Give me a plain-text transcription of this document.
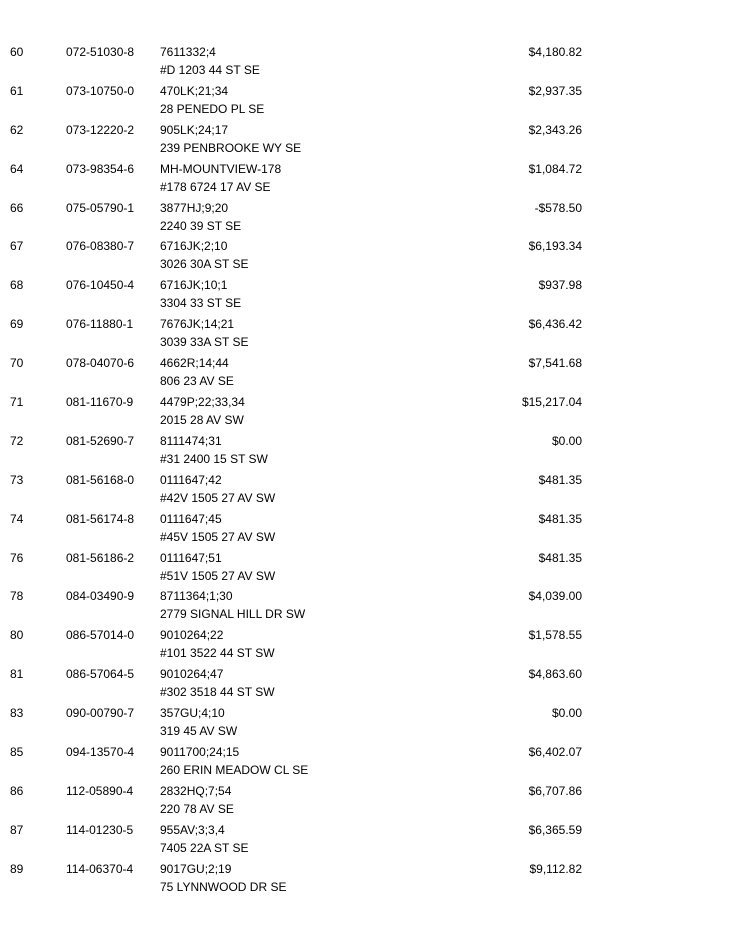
60	072-51030-8 7611332;4
#D 1203 44 ST SE
$4,180.82
61	073-10750-0 470LK;21;34
28 PENEDO PL SE
$2,937.35
62	073-12220-2 905LK;24;17
239 PENBROOKE WY SE
$2,343.26
64	073-98354-6 MH-MOUNTVIEW-178
#178 6724 17 AV SE
$1,084.72
66	075-05790-1 3877HJ;9;20
2240 39 ST SE
-$578.50
67	076-08380-7 6716JK;2;10
3026 30A ST SE
$6,193.34
68	076-10450-4 6716JK;10;1
3304 33 ST SE
$937.98
69	076-11880-1 7676JK;14;21
3039 33A ST SE
$6,436.42
70	078-04070-6 4662R;14;44
806 23 AV SE
$7,541.68
71	081-11670-9 4479P;22;33,34
2015 28 AV SW
$15,217.04
72	081-52690-7 8111474;31
#31 2400 15 ST SW
$0.00
73	081-56168-0 0111647;42
#42V 1505 27 AV SW
$481.35
74	081-56174-8 0111647;45
#45V 1505 27 AV SW
$481.35
76	081-56186-2 0111647;51
#51V 1505 27 AV SW
$481.35
78	084-03490-9 8711364;1;30
2779 SIGNAL HILL DR SW
$4,039.00
80	086-57014-0 9010264;22
#101 3522 44 ST SW
$1,578.55
81	086-57064-5 9010264;47
#302 3518 44 ST SW
$4,863.60
83	090-00790-7 357GU;4;10
319 45 AV SW
$0.00
85	094-13570-4 9011700;24;15
260 ERIN MEADOW CL SE
$6,402.07
86	112-05890-4 2832HQ;7;54
220 78 AV SE
$6,707.86
87	114-01230-5 955AV;3;3,4
7405 22A ST SE
$6,365.59
89	114-06370-4 9017GU;2;19
75 LYNNWOOD DR SE
$9,112.82
